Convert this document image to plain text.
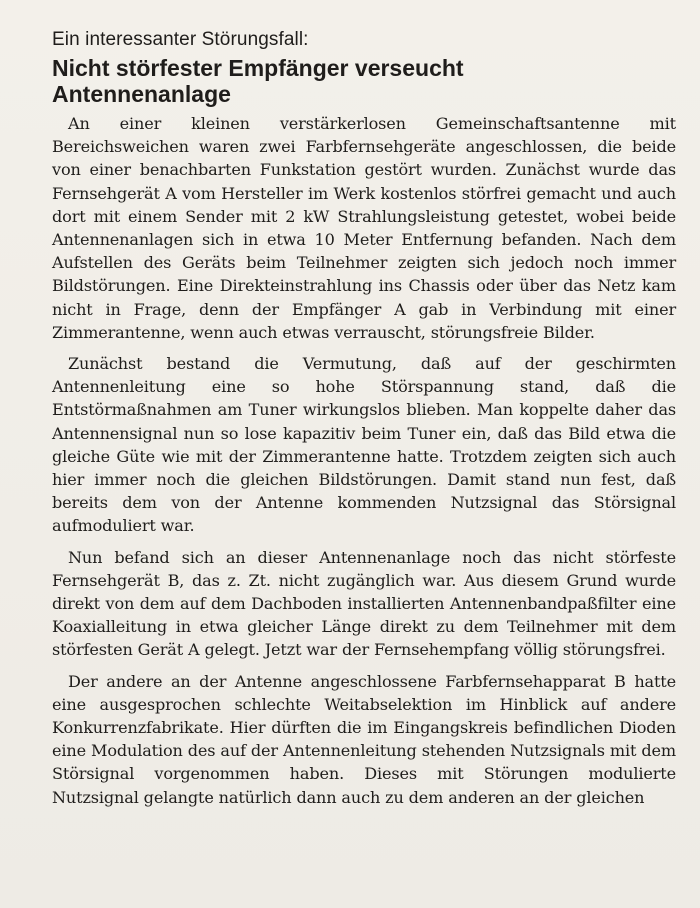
Ein interessanter Störungsfall:
Nicht störfester Empfänger verseucht
Antennenanlage

An einer kleinen verstärkerlosen Gemeinschaftsantenne mit Bereichsweichen waren zwei Farbfernsehgeräte angeschlossen, die beide von einer benachbarten Funkstation gestört wurden. Zunächst wurde das Fernsehgerät A vom Hersteller im Werk kostenlos störfrei gemacht und auch dort mit einem Sender mit 2 kW Strahlungsleistung getestet, wobei beide Antennenanlagen sich in etwa 10 Meter Entfernung befanden. Nach dem Aufstellen des Geräts beim Teilnehmer zeigten sich jedoch noch immer Bildstörungen. Eine Direkteinstrahlung ins Chassis oder über das Netz kam nicht in Frage, denn der Empfänger A gab in Verbindung mit einer Zimmerantenne, wenn auch etwas verrauscht, störungsfreie Bilder.

Zunächst bestand die Vermutung, daß auf der geschirmten Antennenleitung eine so hohe Störspannung stand, daß die Entstörmaßnahmen am Tuner wirkungslos blieben. Man koppelte daher das Antennensignal nun so lose kapazitiv beim Tuner ein, daß das Bild etwa die gleiche Güte wie mit der Zimmerantenne hatte. Trotzdem zeigten sich auch hier immer noch die gleichen Bildstörungen. Damit stand nun fest, daß bereits dem von der Antenne kommenden Nutzsignal das Störsignal aufmoduliert war.

Nun befand sich an dieser Antennenanlage noch das nicht störfeste Fernsehgerät B, das z. Zt. nicht zugänglich war. Aus diesem Grund wurde direkt von dem auf dem Dachboden installierten Antennenbandpaßfilter eine Koaxialleitung in etwa gleicher Länge direkt zu dem Teilnehmer mit dem störfesten Gerät A gelegt. Jetzt war der Fernsehempfang völlig störungsfrei.

Der andere an der Antenne angeschlossene Farbfernsehapparat B hatte eine ausgesprochen schlechte Weitabselektion im Hinblick auf andere Konkurrenzfabrikate. Hier dürften die im Eingangskreis befindlichen Dioden eine Modulation des auf der Antennenleitung stehenden Nutzsignals mit dem Störsignal vorgenommen haben. Dieses mit Störungen modulierte Nutzsignal gelangte natürlich dann auch zu dem anderen an der gleichen
